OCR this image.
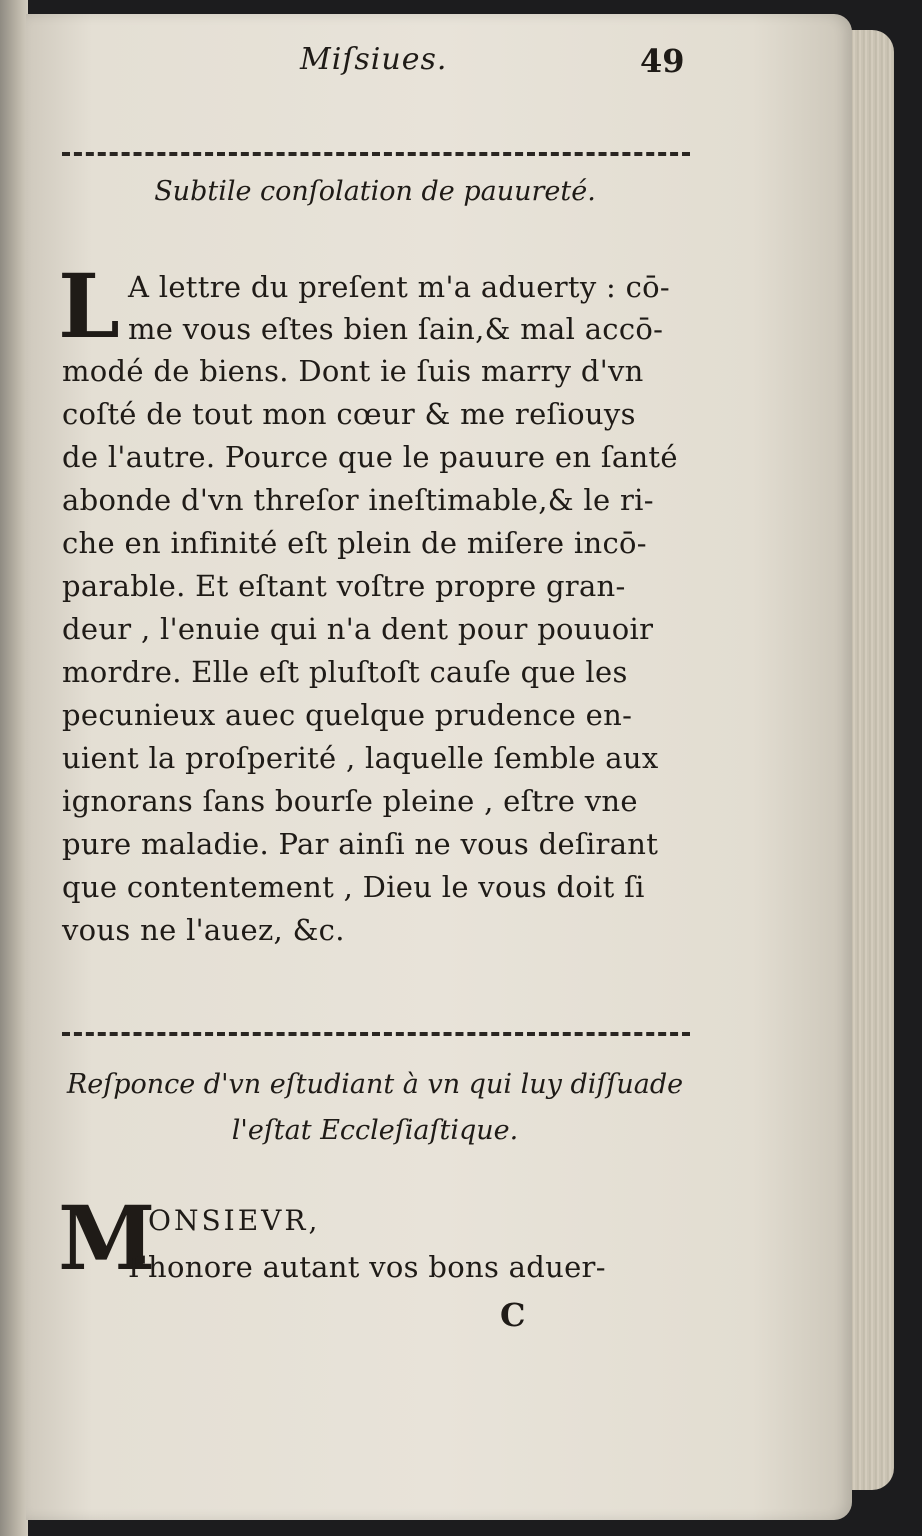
Miſsiues.	49
Subtile conſolation de pauureté.
L A lettre du preſent m'a aduerty : cō-
me vous eſtes bien ſain,& mal accō-
modé de biens. Dont ie ſuis marry d'vn
coſté de tout mon cœur & me reſiouys
de l'autre. Pource que le pauure en ſanté
abonde d'vn threſor ineſtimable,& le ri-
che en infinité eſt plein de miſere incō-
parable. Et eſtant voſtre propre gran-
deur , l'enuie qui n'a dent pour pouuoir
mordre. Elle eſt pluſtoſt cauſe que les
pecunieux auec quelque prudence en-
uient la proſperité , laquelle ſemble aux
ignorans ſans bourſe pleine , eſtre vne
pure maladie. Par ainſi ne vous deſirant
que contentement , Dieu le vous doit ſi
vous ne l'auez, &c.
Reſponce d'vn eſtudiant à vn qui luy diſſuade
l'eſtat Eccleſiaſtique.
M
ONSIEVR,
I'honore autant vos bons aduer-
C
